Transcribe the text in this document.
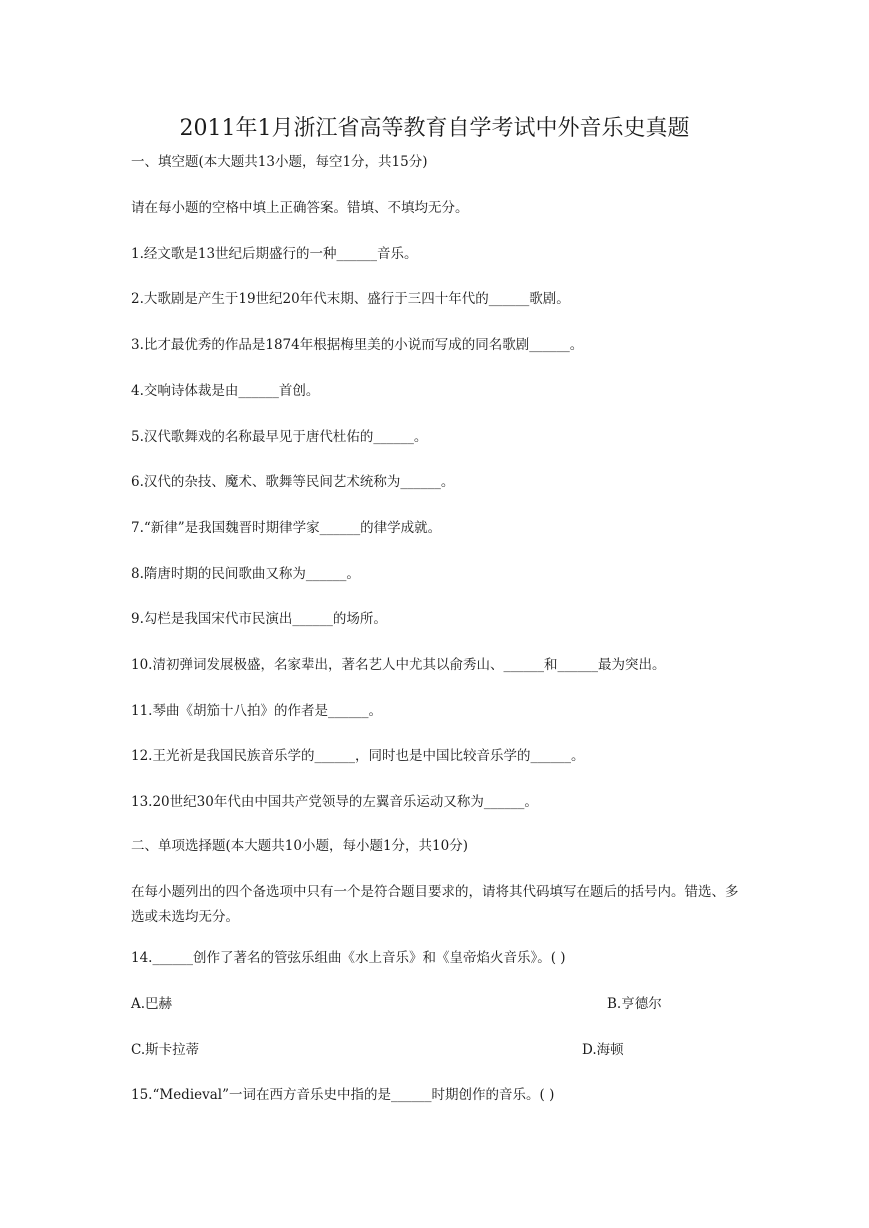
2011年1月浙江省高等教育自学考试中外音乐史真题
一、填空题(本大题共13小题，每空1分，共15分)
请在每小题的空格中填上正确答案。错填、不填均无分。
1.经文歌是13世纪后期盛行的一种______音乐。
2.大歌剧是产生于19世纪20年代末期、盛行于三四十年代的______歌剧。
3.比才最优秀的作品是1874年根据梅里美的小说而写成的同名歌剧______。
4.交响诗体裁是由______首创。
5.汉代歌舞戏的名称最早见于唐代杜佑的______。
6.汉代的杂技、魔术、歌舞等民间艺术统称为______。
7.“新律”是我国魏晋时期律学家______的律学成就。
8.隋唐时期的民间歌曲又称为______。
9.勾栏是我国宋代市民演出______的场所。
10.清初弹词发展极盛，名家辈出，著名艺人中尤其以俞秀山、______和______最为突出。
11.琴曲《胡笳十八拍》的作者是______。
12.王光祈是我国民族音乐学的______，同时也是中国比较音乐学的______。
13.20世纪30年代由中国共产党领导的左翼音乐运动又称为______。
二、单项选择题(本大题共10小题，每小题1分，共10分)
在每小题列出的四个备选项中只有一个是符合题目要求的，请将其代码填写在题后的括号内。错选、多选或未选均无分。
14.______创作了著名的管弦乐组曲《水上音乐》和《皇帝焰火音乐》。( )
A.巴赫	B.亨德尔
C.斯卡拉蒂	D.海顿
15.“Medieval”一词在西方音乐史中指的是______时期创作的音乐。( )
